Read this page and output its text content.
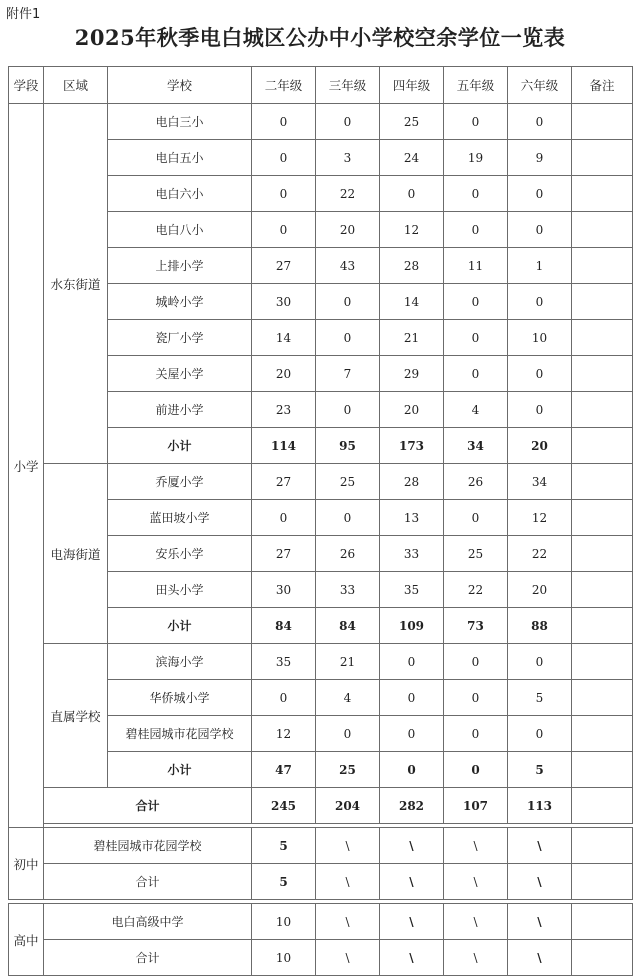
附件1
2025年秋季电白城区公办中小学校空余学位一览表
学段	区域	学校	二年级	三年级	四年级	五年级	六年级	备注
小学	水东街道	电白三小	0	0	25	0	0	
		电白五小	0	3	24	19	9	
		电白六小	0	22	0	0	0	
		电白八小	0	20	12	0	0	
		上排小学	27	43	28	11	1	
		城岭小学	30	0	14	0	0	
		瓷厂小学	14	0	21	0	10	
		关屋小学	20	7	29	0	0	
		前进小学	23	0	20	4	0	
		小计	114	95	173	34	20	
	电海街道	乔厦小学	27	25	28	26	34	
		蓝田坡小学	0	0	13	0	12	
		安乐小学	27	26	33	25	22	
		田头小学	30	33	35	22	20	
		小计	84	84	109	73	88	
	直属学校	滨海小学	35	21	0	0	0	
		华侨城小学	0	4	0	0	5	
		碧桂园城市花园学校	12	0	0	0	0	
		小计	47	25	0	0	5	
	合计		245	204	282	107	113	

初中	碧桂园城市花园学校		5	\	\	\	\	
	合计		5	\	\	\	\	

高中	电白高级中学		10	\	\	\	\	
	合计		10	\	\	\	\	
